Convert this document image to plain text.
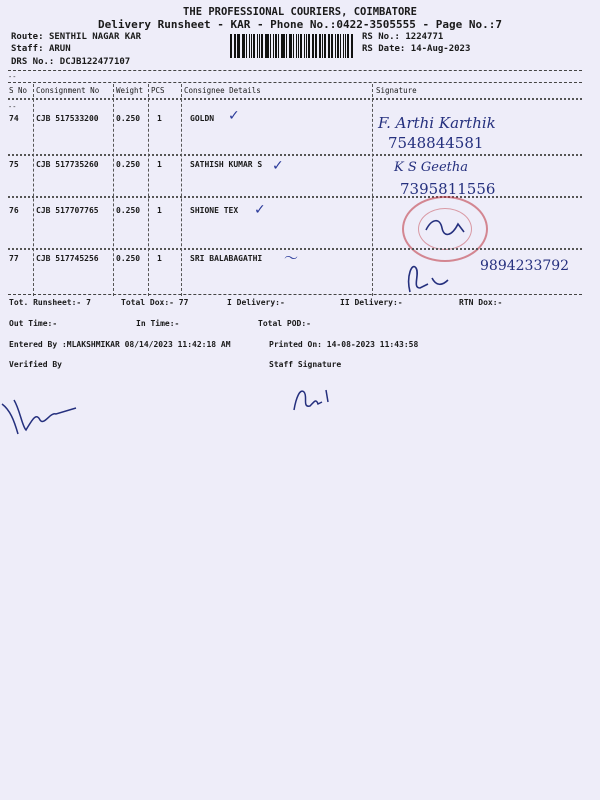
THE PROFESSIONAL COURIERS, COIMBATORE
Delivery Runsheet - KAR - Phone No.:0422-3505555 - Page No.:7
Route: SENTHIL NAGAR KAR
Staff: ARUN
DRS No.: DCJB122477107
RS No.: 1224771
RS Date: 14-Aug-2023
--
--
S No Consignment No Weight PCS	Consignee Details	Signature
74 CJB 517533200 0.250 1	GOLDN ✓	F. Arthi Karthik
7548844581
75 CJB 517735260 0.250 1	SATHISH KUMAR S ✓	K S Geetha
7395811556
76 CJB 517707765 0.250 1	SHIONE TEX ✓
77 CJB 517745256 0.250 1	SRI BALABAGATHI 〜	9894233792
Tot. Runsheet:- 7	Total Dox:- 77	I Delivery:-	II Delivery:-	RTN Dox:-
Out Time:-	In Time:-	Total POD:-
Entered By :MLAKSHMIKAR 08/14/2023 11:42:18 AM	Printed On: 14-08-2023 11:43:58
Verified By	Staff Signature
